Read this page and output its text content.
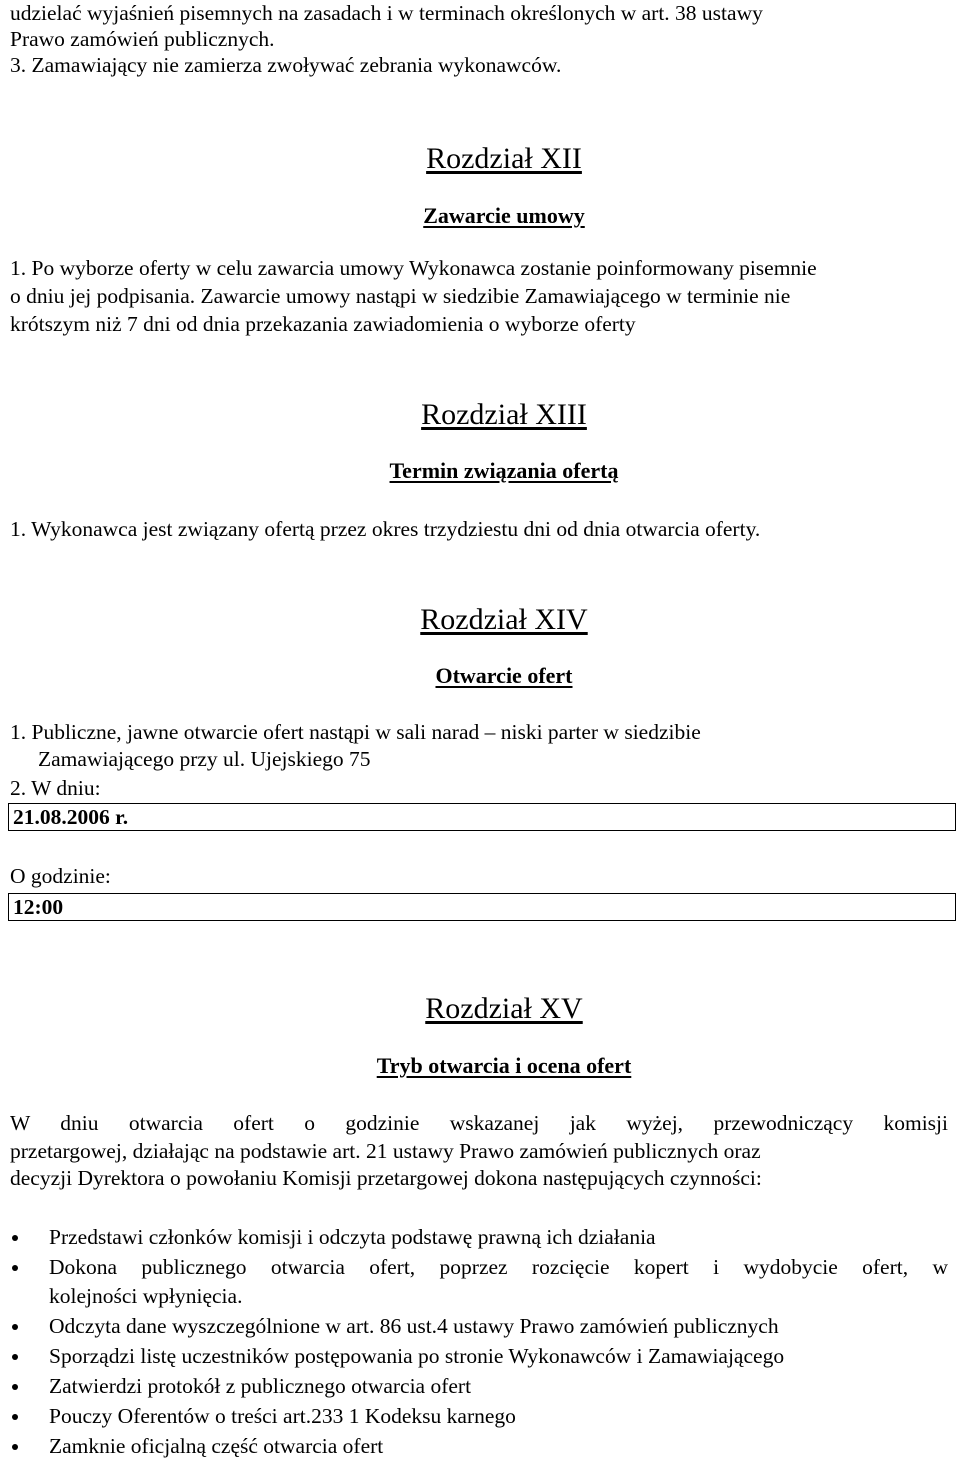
udzielać wyjaśnień pisemnych na zasadach i w terminach określonych w art. 38 ustawy
Prawo zamówień publicznych.
3. Zamawiający nie zamierza zwoływać zebrania wykonawców.
Rozdział XII
Zawarcie umowy
1. Po wyborze oferty w celu zawarcia umowy Wykonawca zostanie poinformowany pisemnie
o dniu jej podpisania. Zawarcie umowy nastąpi w siedzibie Zamawiającego w terminie nie
krótszym niż 7 dni od dnia przekazania zawiadomienia o wyborze oferty
Rozdział XIII
Termin związania ofertą
1. Wykonawca jest związany ofertą przez okres trzydziestu dni od dnia otwarcia oferty.
Rozdział XIV
Otwarcie ofert
1. Publiczne, jawne otwarcie ofert nastąpi w sali narad – niski parter w siedzibie
Zamawiającego przy ul. Ujejskiego 75
2. W dniu:
21.08.2006 r.
O godzinie:
12:00
Rozdział XV
Tryb otwarcia i ocena ofert
W dniu otwarcia ofert o godzinie wskazanej jak wyżej, przewodniczący komisji
przetargowej, działając na podstawie art. 21 ustawy Prawo zamówień publicznych oraz
decyzji Dyrektora o powołaniu Komisji przetargowej dokona następujących czynności:
Przedstawi członków komisji i odczyta podstawę prawną ich działania
Dokona publicznego otwarcia ofert, poprzez rozcięcie kopert i wydobycie ofert, w
kolejności wpłynięcia.
Odczyta dane wyszczególnione w art. 86 ust.4 ustawy Prawo zamówień publicznych
Sporządzi listę uczestników postępowania po stronie Wykonawców i Zamawiającego
Zatwierdzi protokół z publicznego otwarcia ofert
Pouczy Oferentów o treści art.233 1 Kodeksu karnego
Zamknie oficjalną część otwarcia ofert
